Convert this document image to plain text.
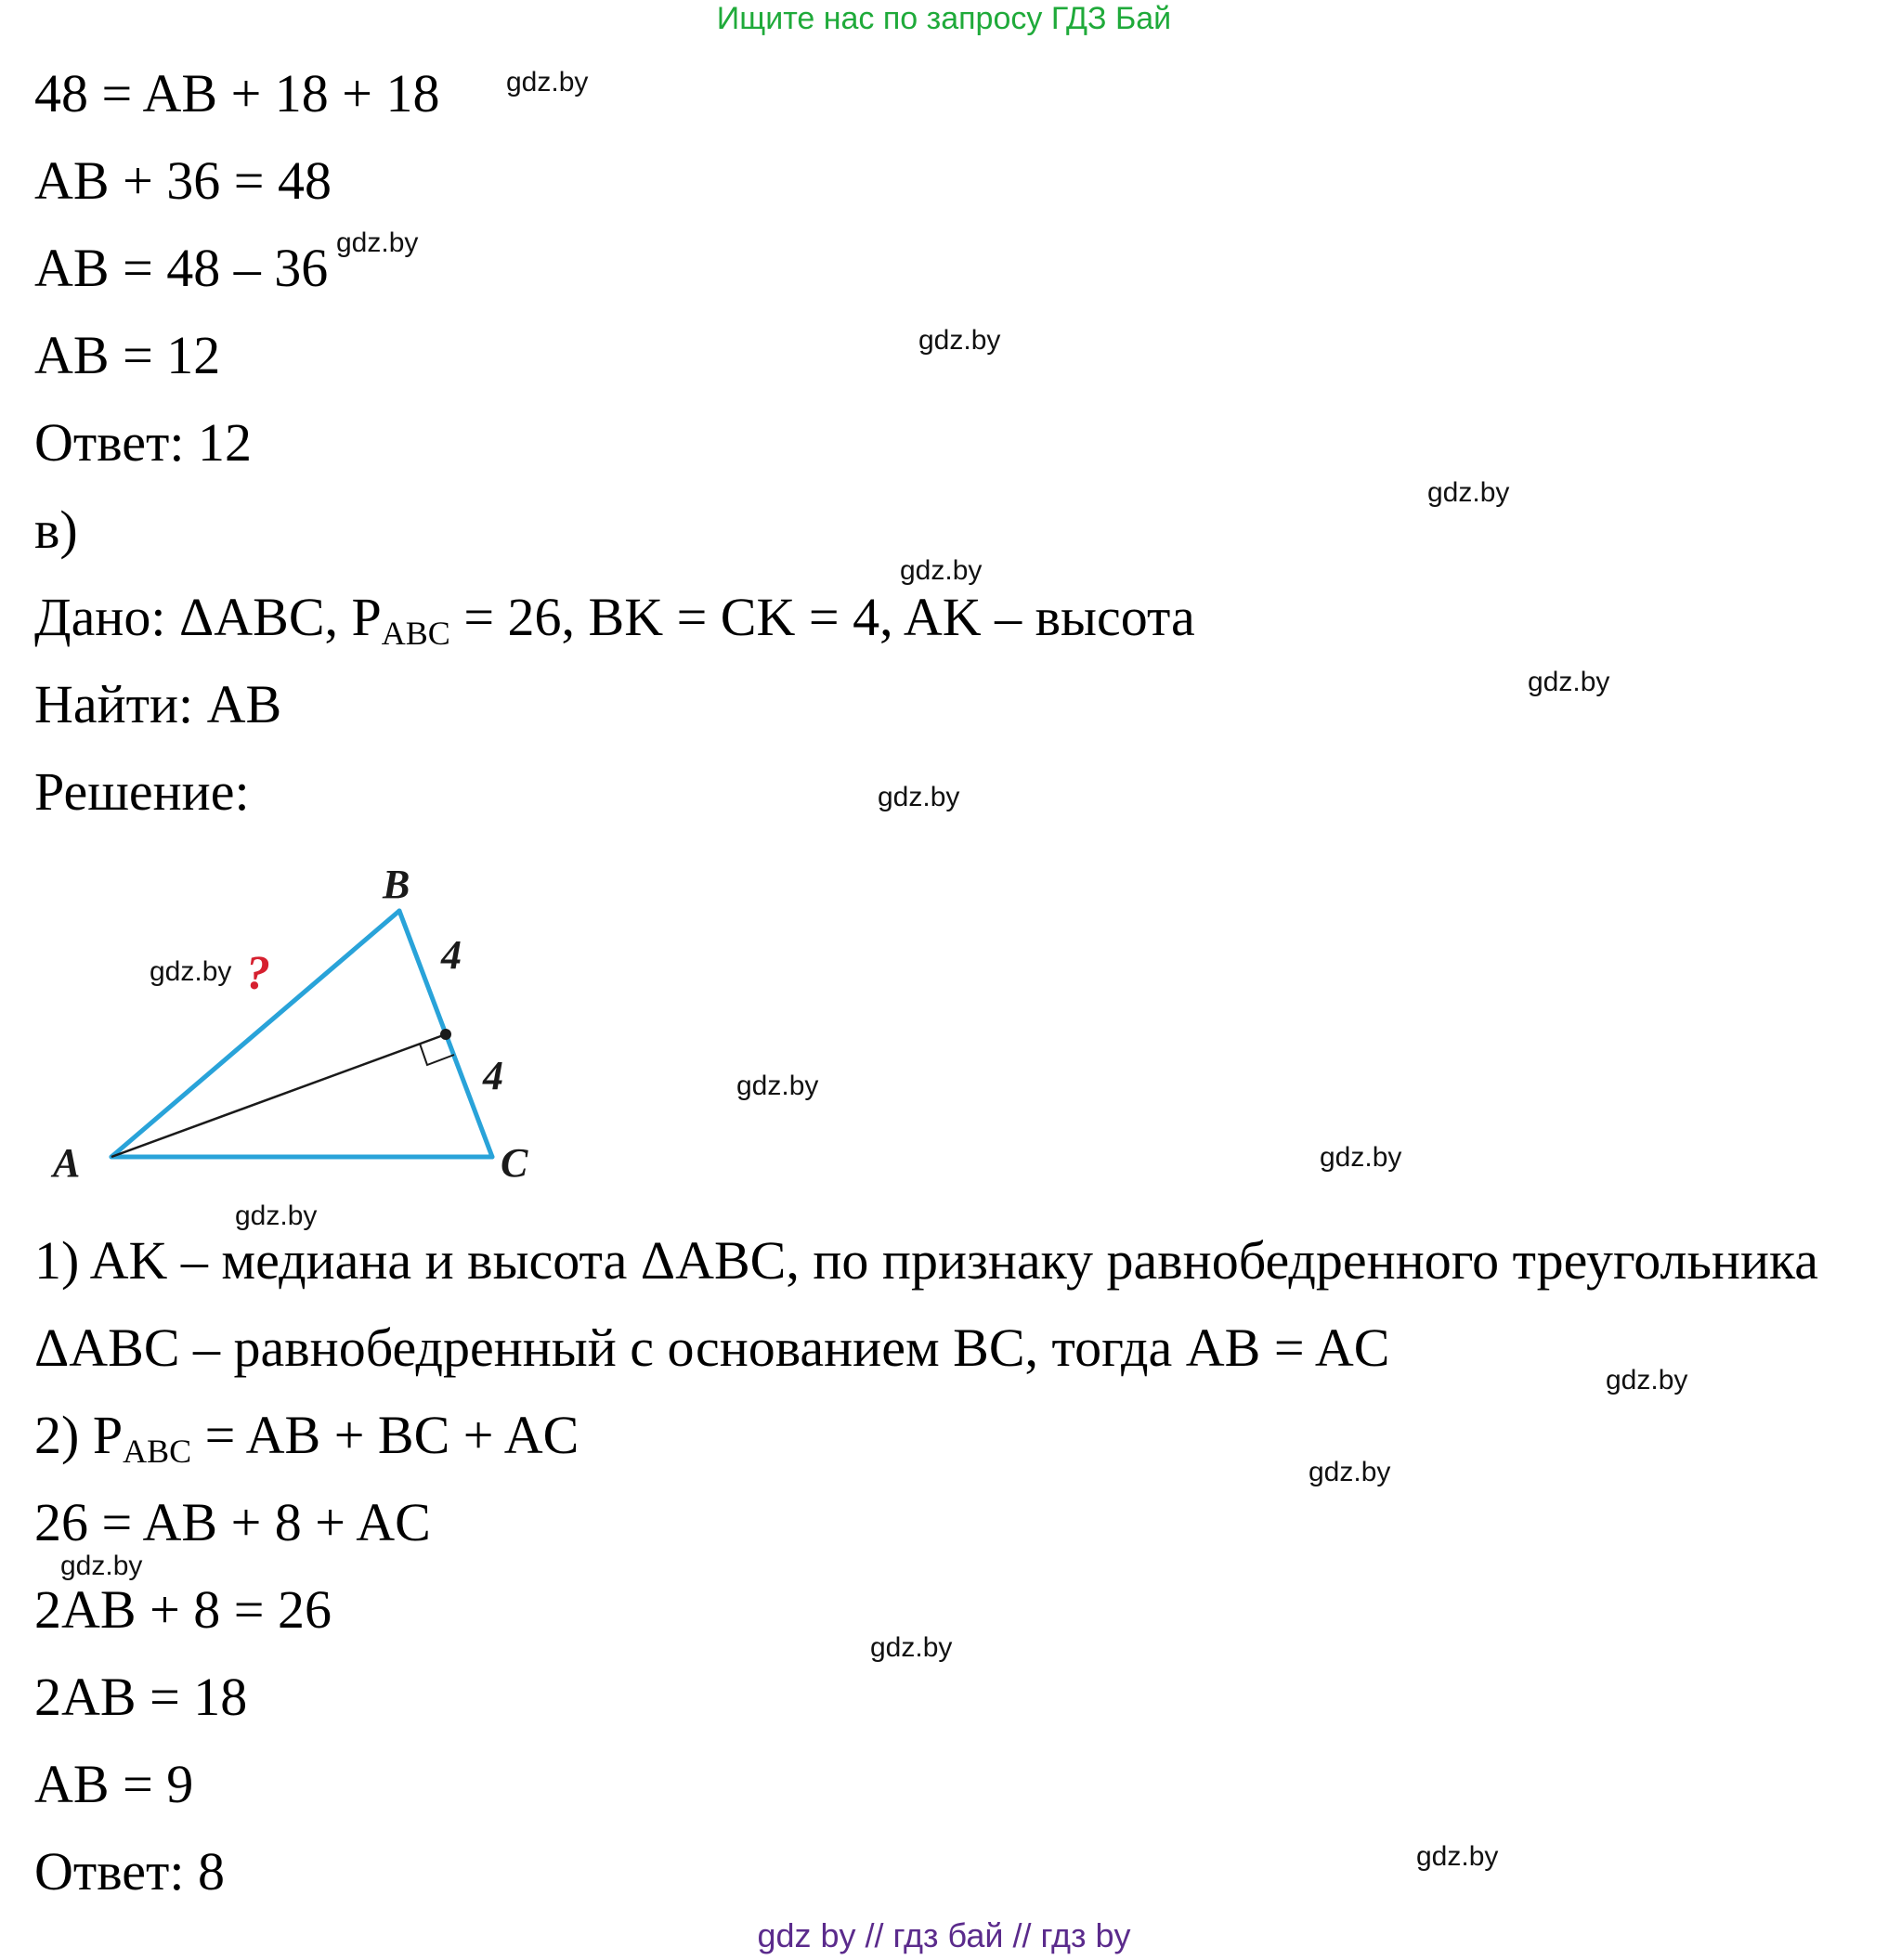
Ищите нас по запросу ГДЗ Бай
48 = AB + 18 + 18
AB + 36 = 48
AB = 48 – 36
AB = 12
Ответ: 12
в)
Дано: ΔABC, $P_{ABC} = 26$, BK = CK = 4, AK – высота
Найти: AB
Решение:
B
A	C
4
4
?
1) AK – медиана и высота ΔABC, по признаку равнобедренного треугольника
ΔABC – равнобедренный с основанием BC, тогда AB = AC
2) $P_{ABC}$ = AB + BC + AC
26 = AB + 8 + AC
2AB + 8 = 26
2AB = 18
AB = 9
Ответ: 8
gdz.by
gdz.by
gdz.by
gdz.by
gdz.by
gdz.by
gdz.by
gdz.by
gdz.by
gdz.by
gdz.by
gdz.by
gdz.by
gdz.by
gdz.by
gdz.by
gdz by // гдз бай // гдз by
